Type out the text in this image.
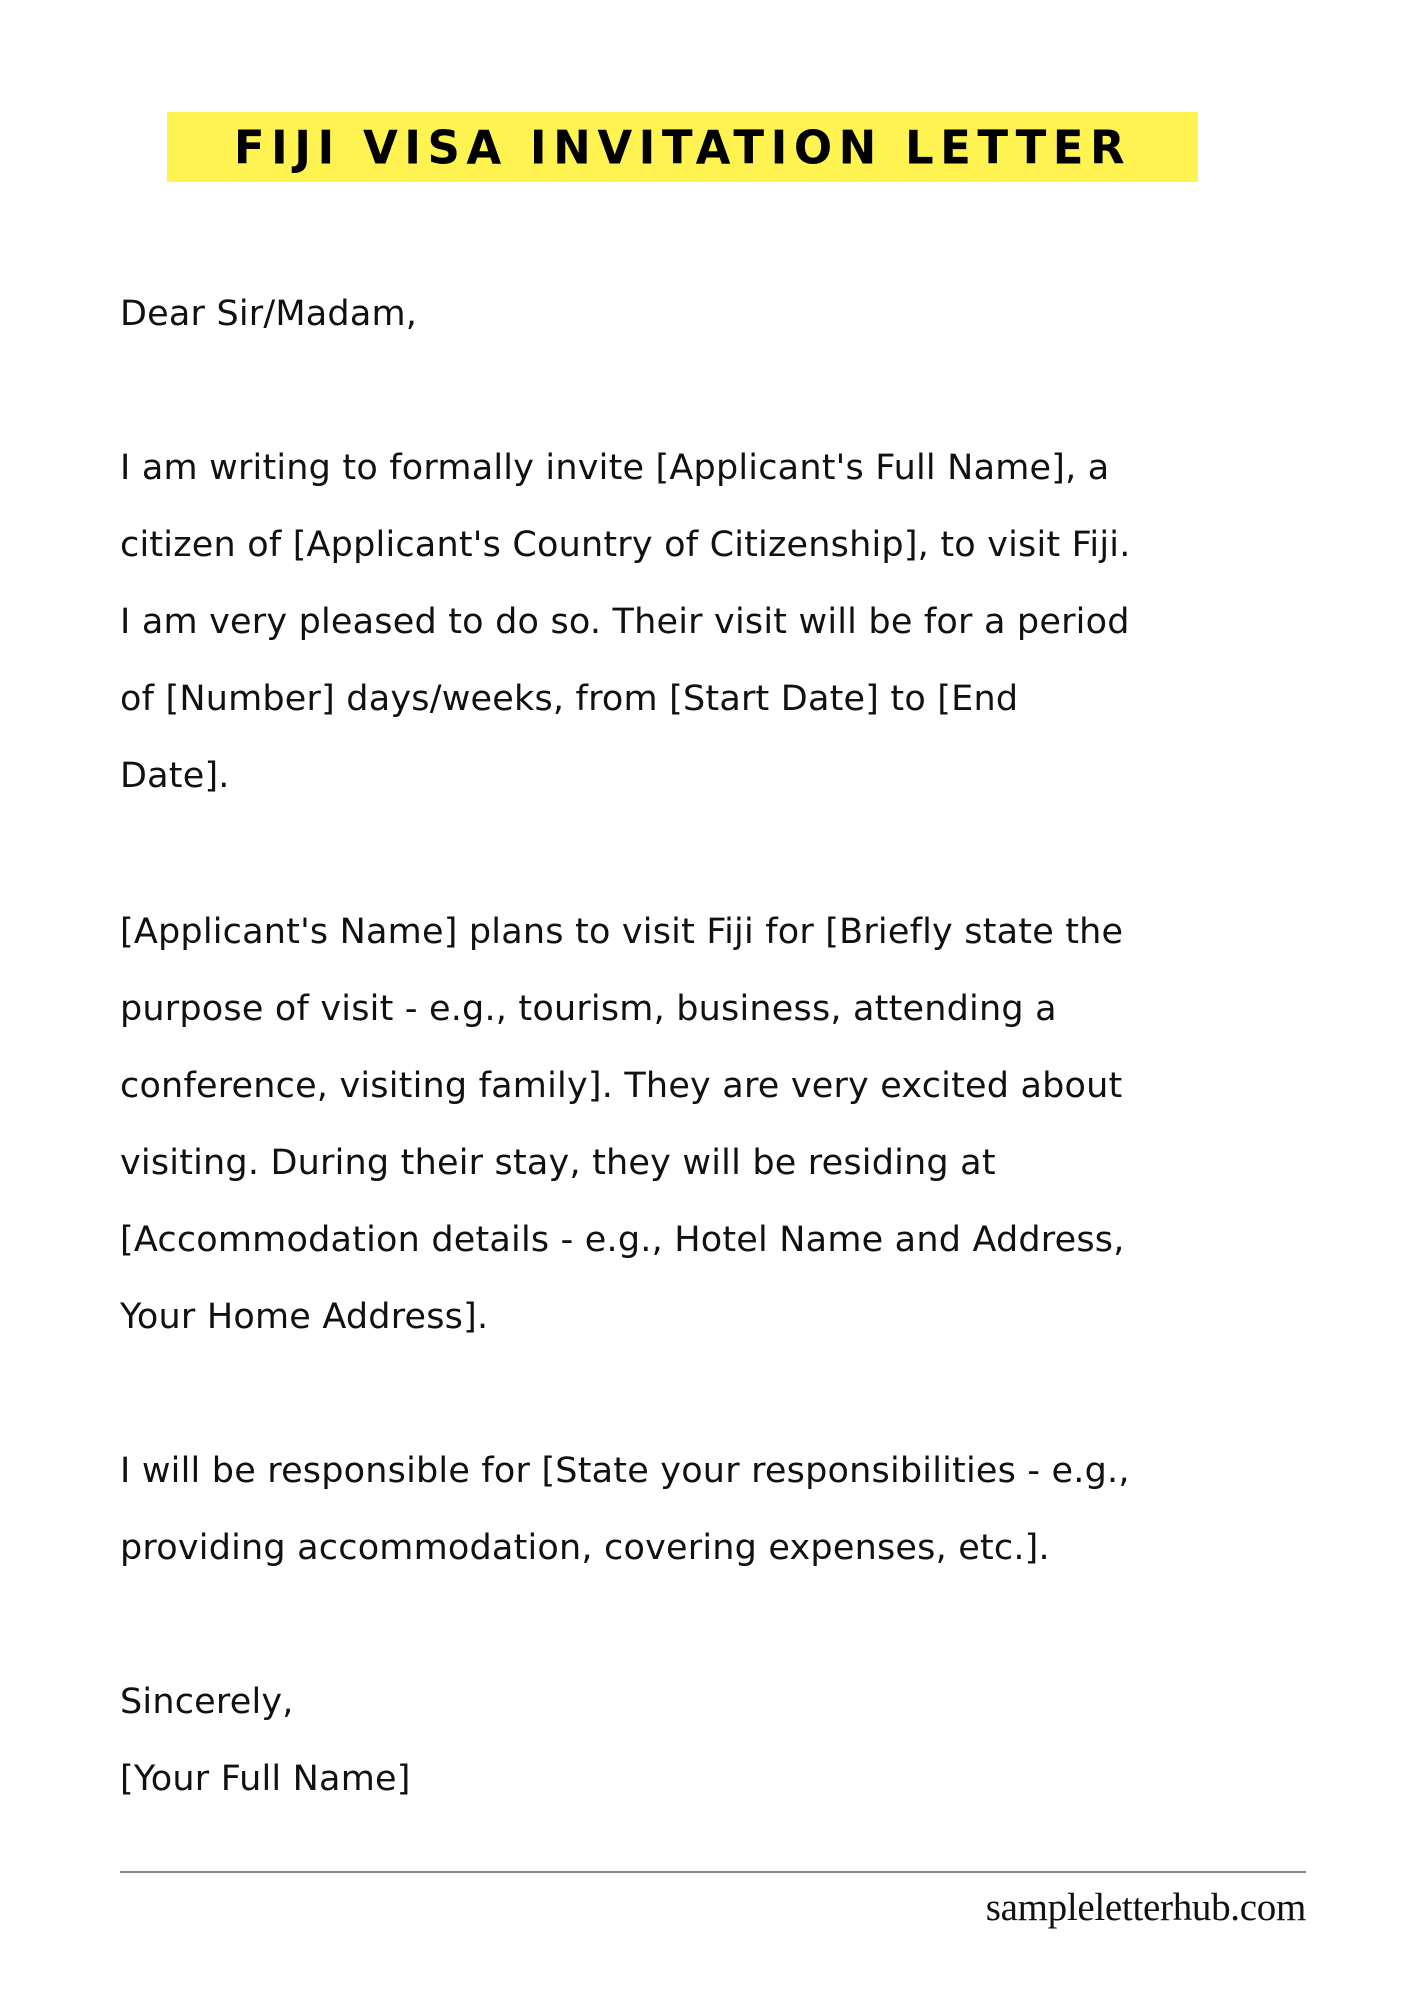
FIJI VISA INVITATION LETTER
Dear Sir/Madam,
I am writing to formally invite [Applicant's Full Name], a
citizen of [Applicant's Country of Citizenship], to visit Fiji.
I am very pleased to do so. Their visit will be for a period
of [Number] days/weeks, from [Start Date] to [End
Date].
[Applicant's Name] plans to visit Fiji for [Briefly state the
purpose of visit - e.g., tourism, business, attending a
conference, visiting family]. They are very excited about
visiting. During their stay, they will be residing at
[Accommodation details - e.g., Hotel Name and Address,
Your Home Address].
I will be responsible for [State your responsibilities - e.g.,
providing accommodation, covering expenses, etc.].
Sincerely,
[Your Full Name]
sampleletterhub.com
